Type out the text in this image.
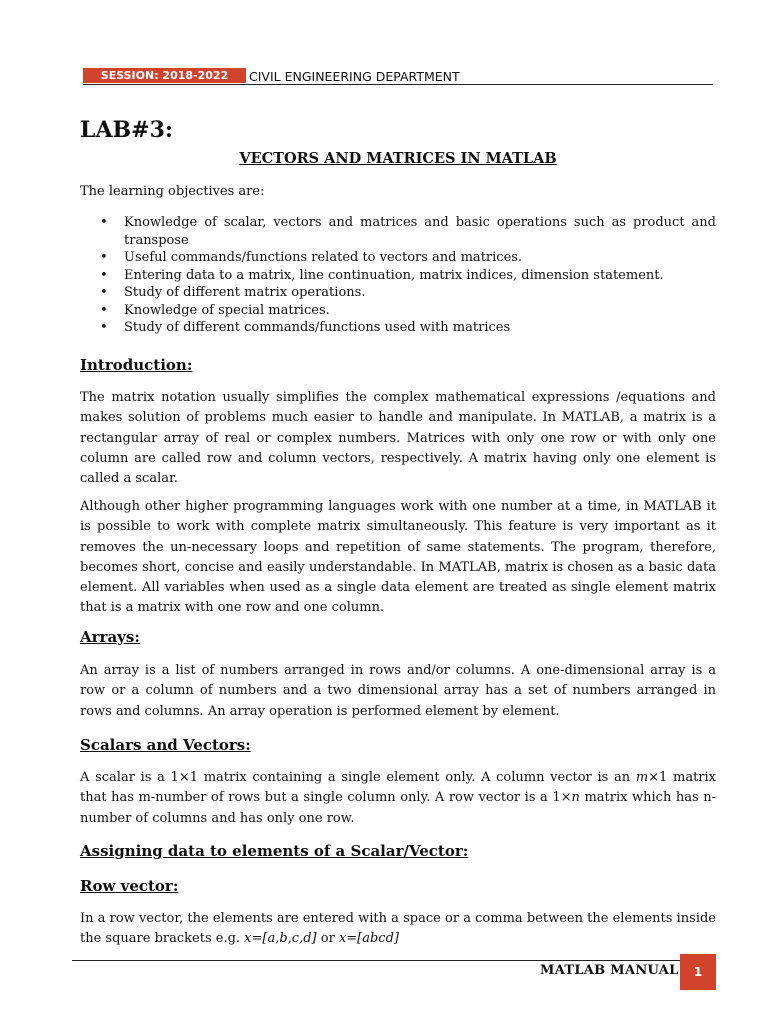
SESSION: 2018-2022	CIVIL ENGINEERING DEPARTMENT
LAB#3:
VECTORS AND MATRICES IN MATLAB

The learning objectives are:

• Knowledge of scalar, vectors and matrices and basic operations such as product and transpose
• Useful commands/functions related to vectors and matrices.
• Entering data to a matrix, line continuation, matrix indices, dimension statement.
• Study of different matrix operations.
• Knowledge of special matrices.
• Study of different commands/functions used with matrices
Introduction:

The matrix notation usually simplifies the complex mathematical expressions /equations and makes solution of problems much easier to handle and manipulate. In MATLAB, a matrix is a rectangular array of real or complex numbers. Matrices with only one row or with only one column are called row and column vectors, respectively. A matrix having only one element is called a scalar.

Although other higher programming languages work with one number at a time, in MATLAB it is possible to work with complete matrix simultaneously. This feature is very important as it removes the un-necessary loops and repetition of same statements. The program, therefore, becomes short, concise and easily understandable. In MATLAB, matrix is chosen as a basic data element. All variables when used as a single data element are treated as single element matrix that is a matrix with one row and one column.

Arrays:

An array is a list of numbers arranged in rows and/or columns. A one-dimensional array is a row or a column of numbers and a two dimensional array has a set of numbers arranged in rows and columns. An array operation is performed element by element.

Scalars and Vectors:

A scalar is a 1×1 matrix containing a single element only. A column vector is an m×1 matrix that has m-number of rows but a single column only. A row vector is a 1×n matrix which has n-number of columns and has only one row.

Assigning data to elements of a Scalar/Vector:
Row vector:

In a row vector, the elements are entered with a space or a comma between the elements inside the square brackets e.g. x=[a,b,c,d] or x=[abcd]

MATLAB MANUAL	1
